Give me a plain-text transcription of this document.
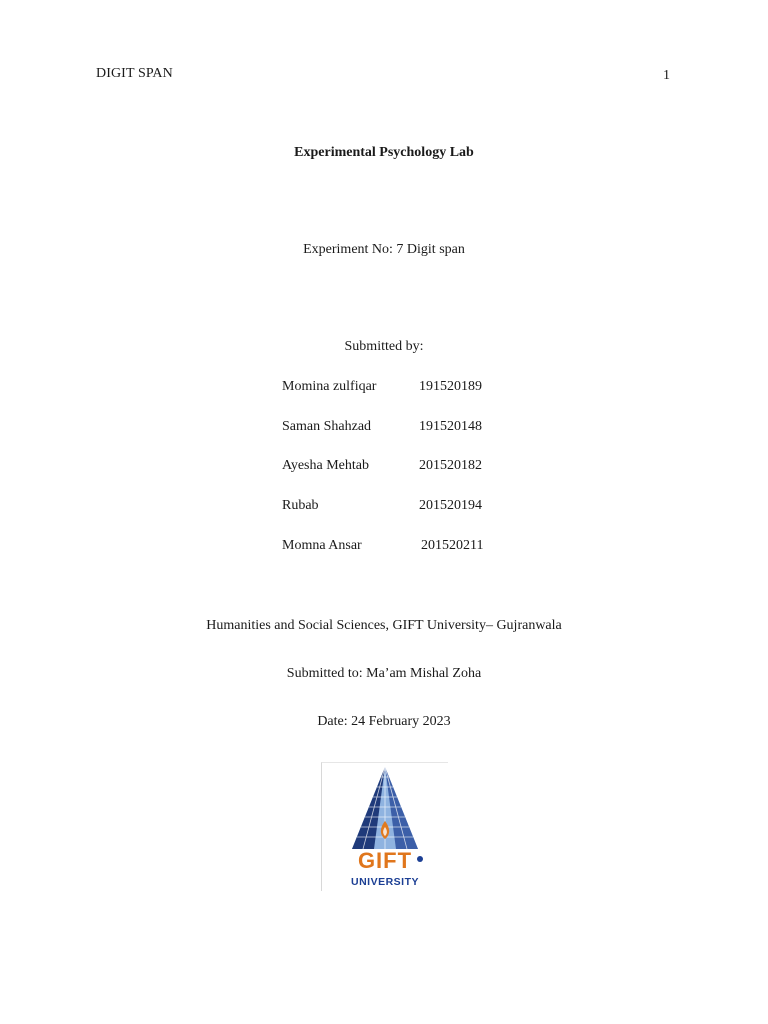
DIGIT SPAN	1
Experimental Psychology Lab
Experiment No: 7 Digit span
Submitted by:
Momina zulfiqar	191520189
Saman Shahzad	191520148
Ayesha Mehtab	201520182
Rubab	201520194
Momna Ansar	201520211
Humanities and Social Sciences, GIFT University– Gujranwala
Submitted to: Ma’am Mishal Zoha
Date: 24 February 2023
GIFT
UNIVERSITY
